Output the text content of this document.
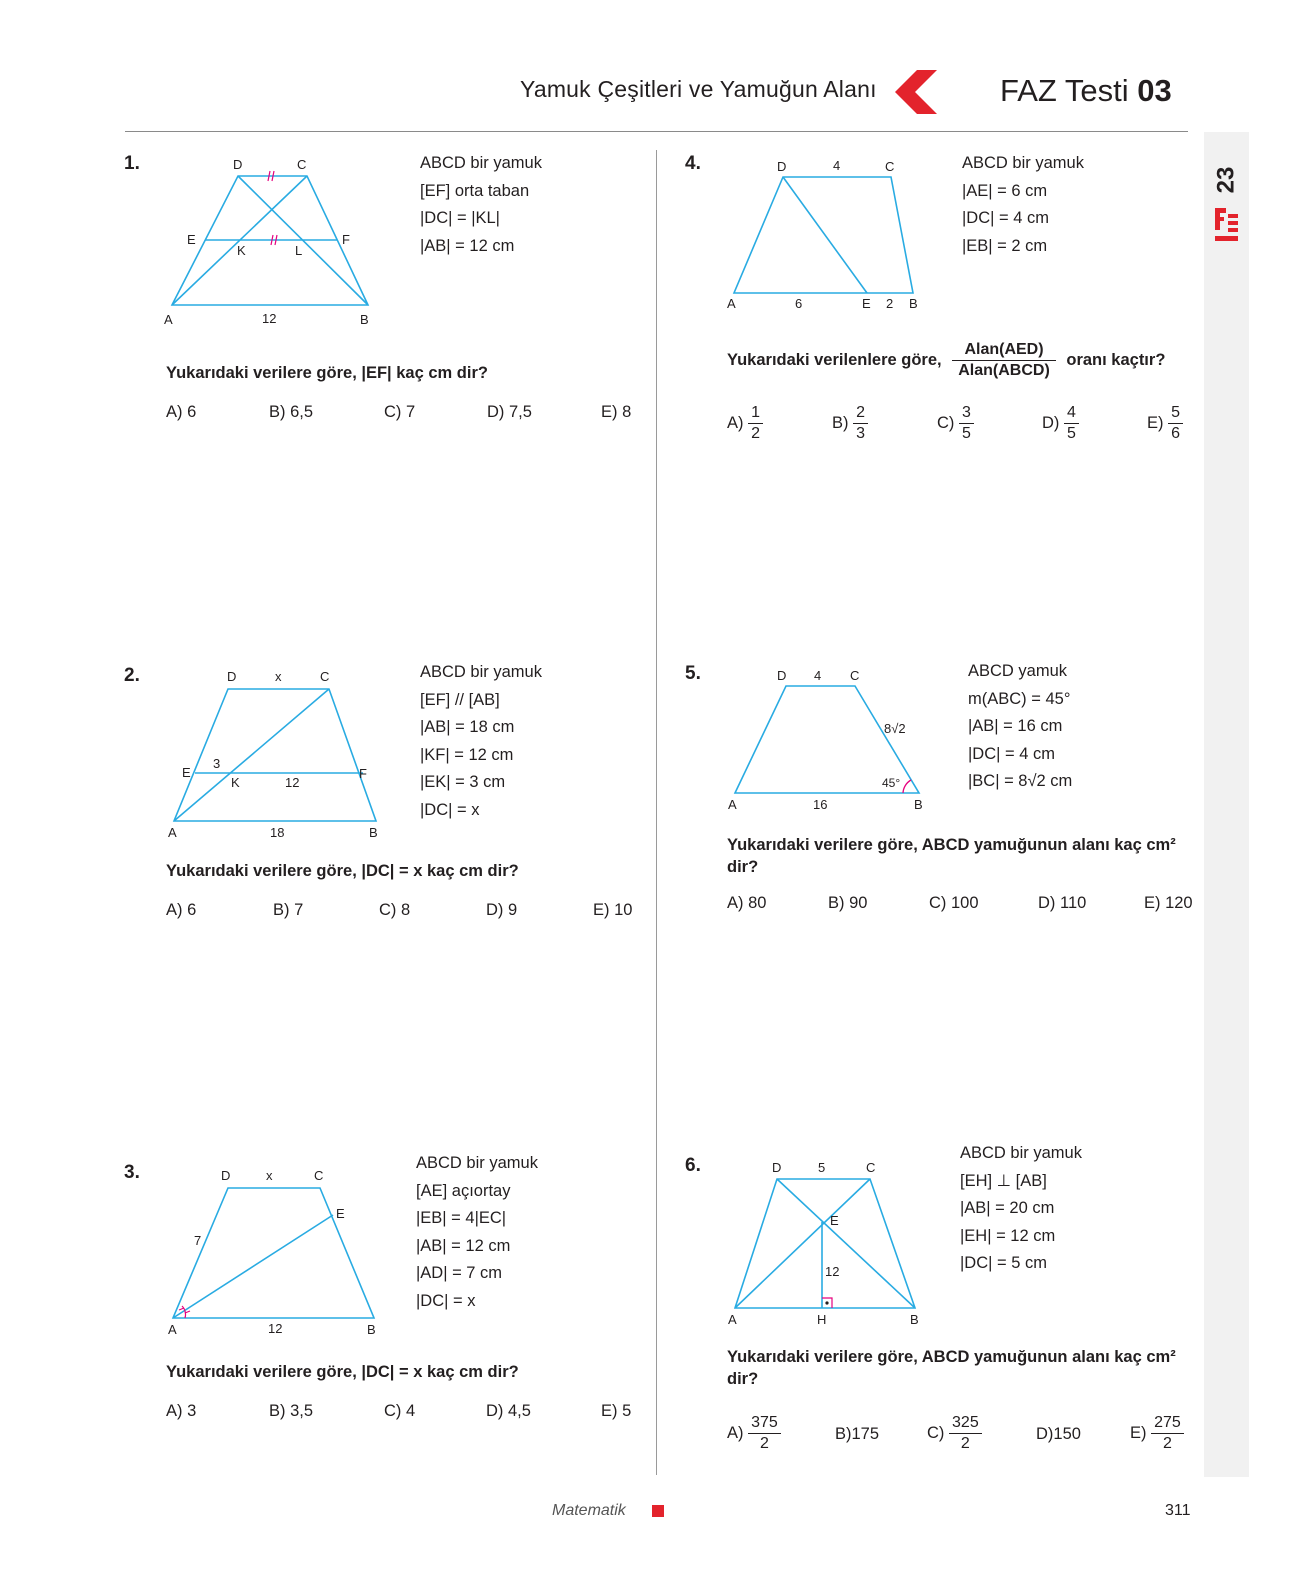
Yamuk Çeşitleri ve Yamuğun Alanı	FAZ Testi 03
23
1.
A	B
C
D
E	F
K	L
12
ABCD bir yamuk
[EF] orta taban
|DC| = |KL|
|AB| = 12 cm
Yukarıdaki verilere göre, |EF| kaç cm dir?
A) 6	B) 6,5	C) 7	D) 7,5	E) 8
4.
A	B
C
D
E
4
6	2
ABCD bir yamuk
|AE| = 6 cm
|DC| = 4 cm
|EB| = 2 cm
Yukarıdaki verilenlere göre, $\frac{\text{Alan(AED)}}{\text{Alan(ABCD)}}$ oranı kaçtır?
$A) \frac{1}{2}$	$B) \frac{2}{3}$	$C) \frac{3}{5}$	$D) \frac{4}{5}$	$E) \frac{5}{6}$
2.
A	B
C
D
E	F
K
x
3
12
18
ABCD bir yamuk
[EF] // [AB]
|AB| = 18 cm
|KF| = 12 cm
|EK| = 3 cm
|DC| = x
Yukarıdaki verilere göre, |DC| = x kaç cm dir?
A) 6	B) 7	C) 8	D) 9	E) 10
5.
A	B
C
D 4
8√2
45°
16
ABCD yamuk
m(ABC) = 45°
|AB| = 16 cm
|DC| = 4 cm
|BC| = 8√2 cm
Yukarıdaki verilere göre, ABCD yamuğunun alanı kaç cm²
dir?
A) 80	B) 90	C) 100	D) 110	E) 120
3.
A	B
C
D
E
x
7
12
ABCD bir yamuk
[AE] açıortay
|EB| = 4|EC|
|AB| = 12 cm
|AD| = 7 cm
|DC| = x
Yukarıdaki verilere göre, |DC| = x kaç cm dir?
A) 3	B) 3,5	C) 4	D) 4,5	E) 5
6.
A	B
C
D
E
H
5
12
ABCD bir yamuk
[EH] ⊥ [AB]
|AB| = 20 cm
|EH| = 12 cm
|DC| = 5 cm
Yukarıdaki verilere göre, ABCD yamuğunun alanı kaç cm²
dir?
$A) \frac{375}{2}$	B)175	$C) \frac{325}{2}$	D)150	$E) \frac{275}{2}$
Matematik	311
